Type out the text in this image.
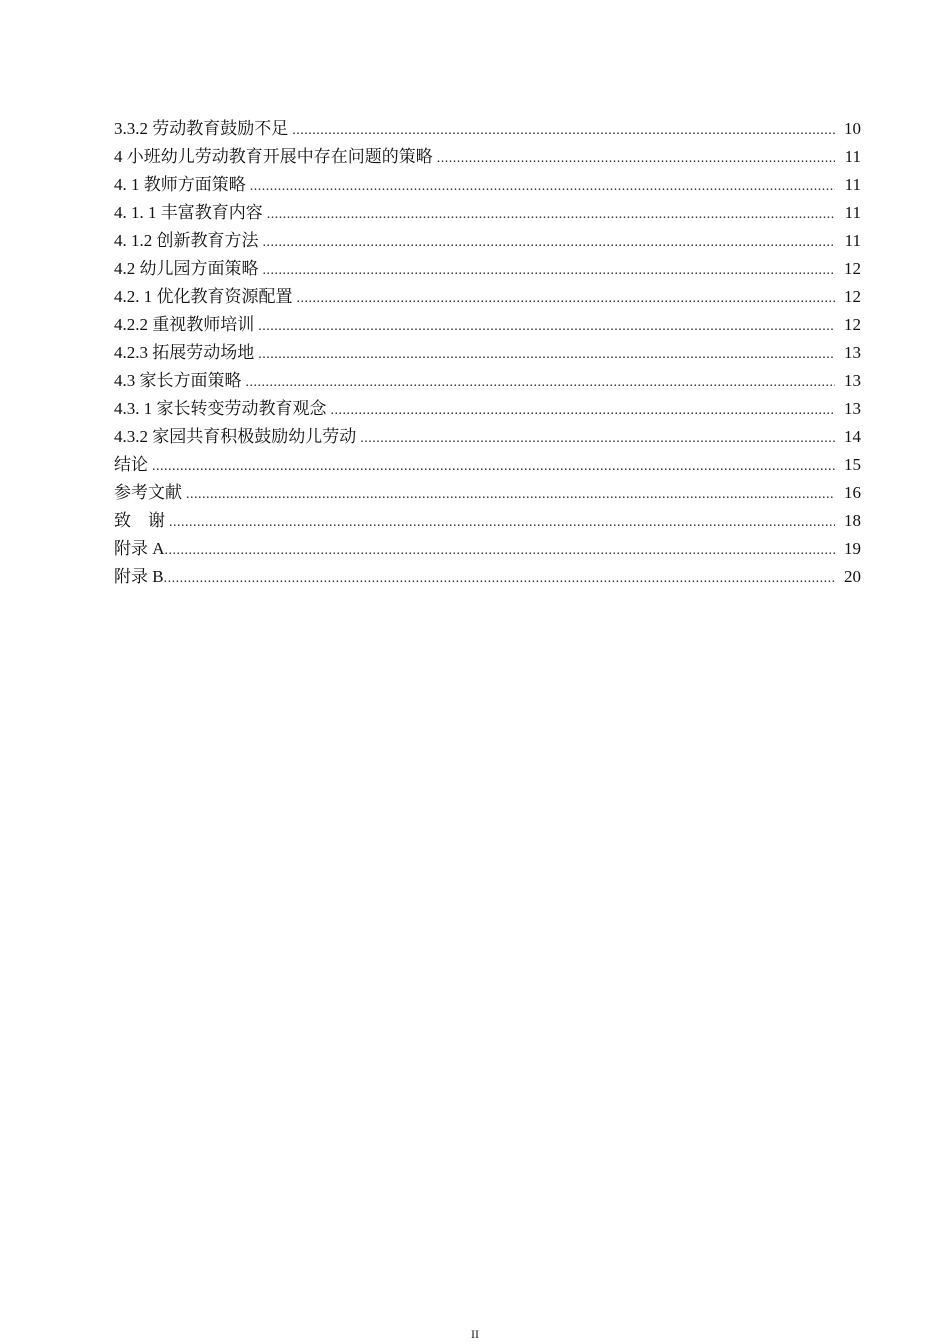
3.3.2 劳动教育鼓励不足 .....	10
4 小班幼儿劳动教育开展中存在问题的策略 .....	11
4. 1 教师方面策略 .....	11
4. 1. 1 丰富教育内容 .....	11
4. 1.2 创新教育方法 .....	11
4.2 幼儿园方面策略 .....	12
4.2. 1 优化教育资源配置 .....	12
4.2.2 重视教师培训 .....	12
4.2.3 拓展劳动场地 .....	13
4.3 家长方面策略 .....	13
4.3. 1 家长转变劳动教育观念 .....	13
4.3.2 家园共育积极鼓励幼儿劳动 .....	14
结论 .....	15
参考文献 .....	16
致    谢 .....	18
附录 A .....	19
附录 B .....	20
II
